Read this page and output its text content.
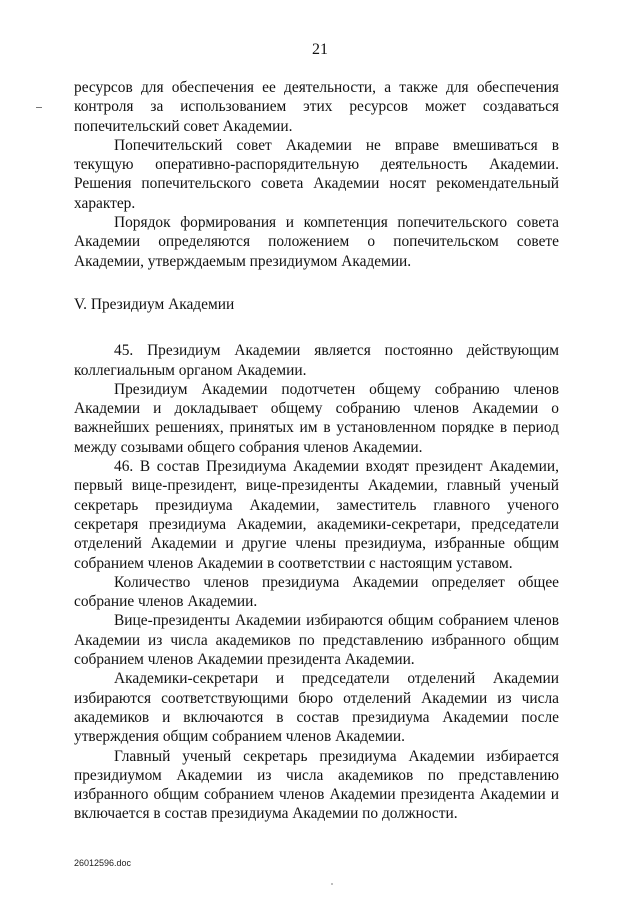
21

ресурсов для обеспечения ее деятельности, а также для обеспечения контроля за использованием этих ресурсов может создаваться попечительский совет Академии.

Попечительский совет Академии не вправе вмешиваться в текущую оперативно-распорядительную деятельность Академии. Решения попечительского совета Академии носят рекомендательный характер.

Порядок формирования и компетенция попечительского совета Академии определяются положением о попечительском совете Академии, утверждаемым президиумом Академии.

V. Президиум Академии

45. Президиум Академии является постоянно действующим коллегиальным органом Академии.

Президиум Академии подотчетен общему собранию членов Академии и докладывает общему собранию членов Академии о важнейших решениях, принятых им в установленном порядке в период между созывами общего собрания членов Академии.

46. В состав Президиума Академии входят президент Академии, первый вице-президент, вице-президенты Академии, главный ученый секретарь президиума Академии, заместитель главного ученого секретаря президиума Академии, академики-секретари, председатели отделений Академии и другие члены президиума, избранные общим собранием членов Академии в соответствии с настоящим уставом.

Количество членов президиума Академии определяет общее собрание членов Академии.

Вице-президенты Академии избираются общим собранием членов Академии из числа академиков по представлению избранного общим собранием членов Академии президента Академии.

Академики-секретари и председатели отделений Академии избираются соответствующими бюро отделений Академии из числа академиков и включаются в состав президиума Академии после утверждения общим собранием членов Академии.

Главный ученый секретарь президиума Академии избирается президиумом Академии из числа академиков по представлению избранного общим собранием членов Академии президента Академии и включается в состав президиума Академии по должности.

26012596.doc
